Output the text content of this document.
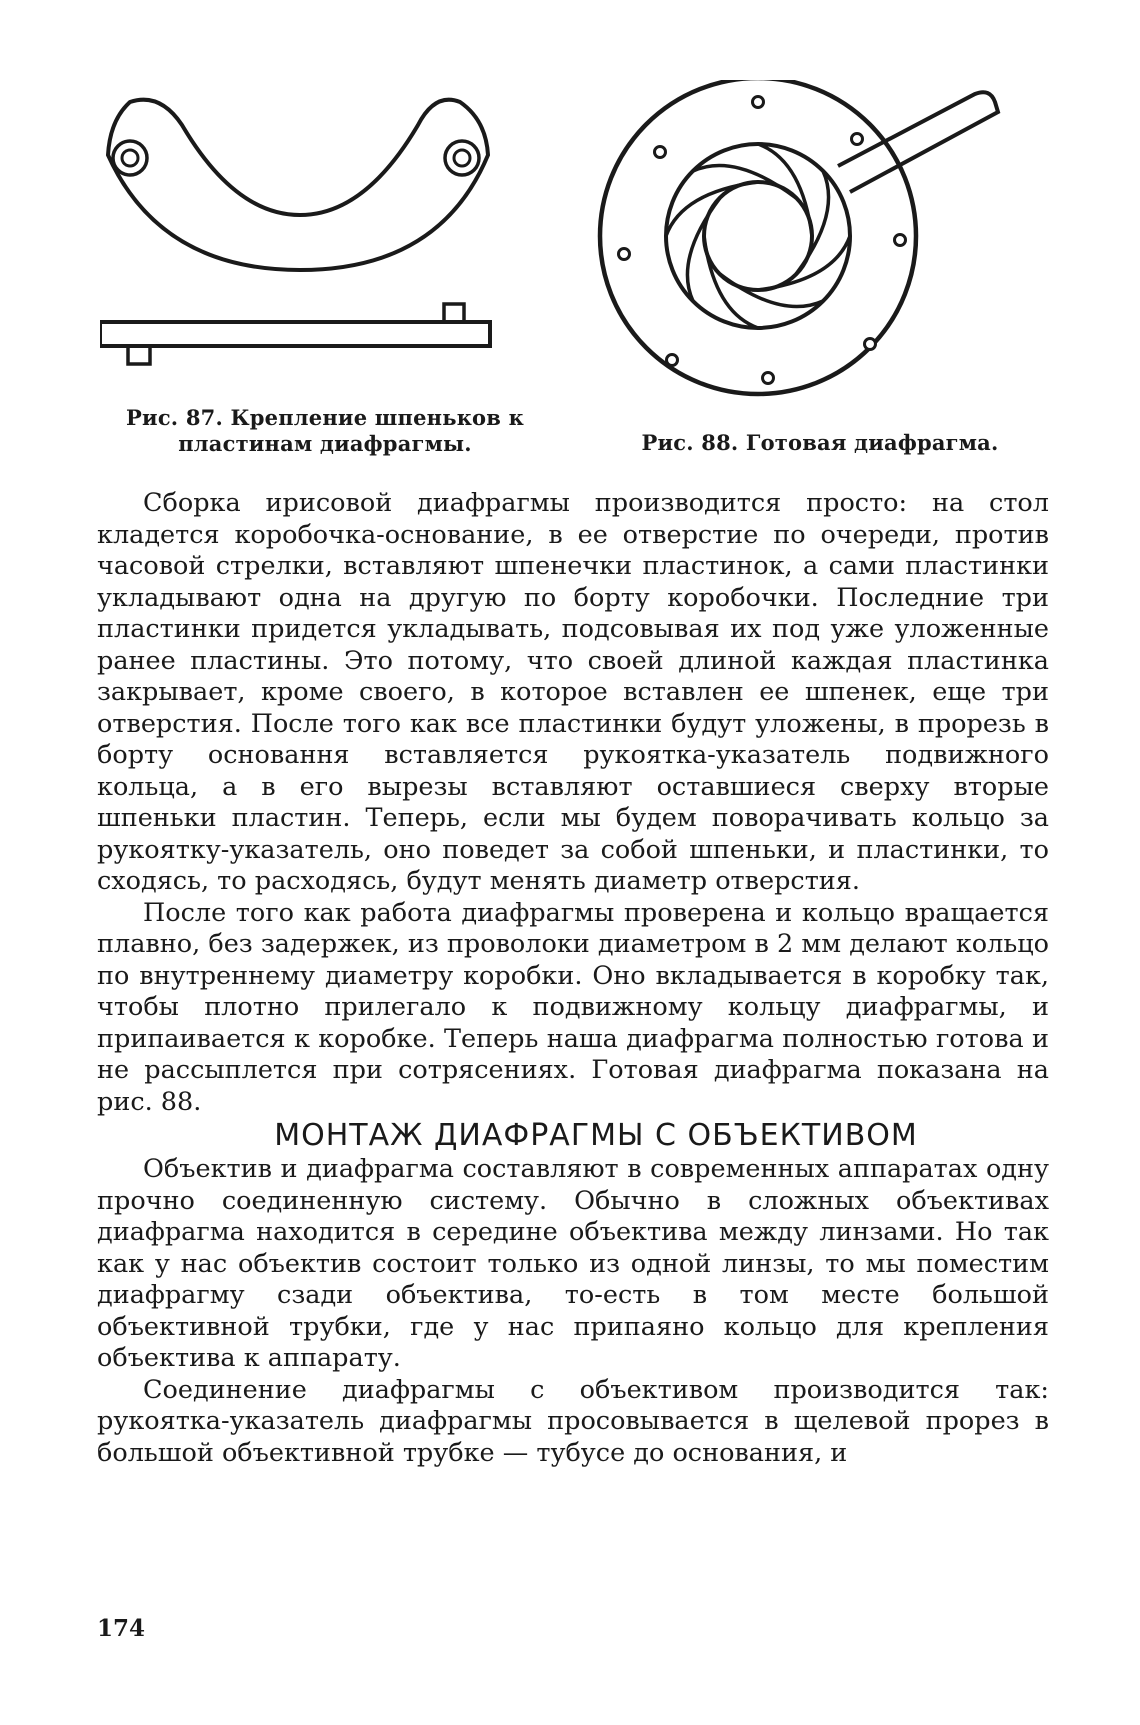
Рис. 87. Крепление шпеньков к пластинам диафрагмы.	Рис. 88. Готовая диафрагма.

Сборка ирисовой диафрагмы производится просто: на стол кладется коробочка-основание, в ее отверстие по очереди, против часовой стрелки, вставляют шпенечки пластинок, а сами пластинки укладывают одна на другую по борту коробочки. Последние три пластинки придется укладывать, подсовывая их под уже уложенные ранее пластины. Это потому, что своей длиной каждая пластинка закрывает, кроме своего, в которое вставлен ее шпенек, еще три отверстия. После того как все пластинки будут уложены, в прорезь в борту основання вставляется рукоятка-указатель подвижного кольца, а в его вырезы вставляют оставшиеся сверху вторые шпеньки пластин. Теперь, если мы будем поворачивать кольцо за рукоятку-указатель, оно поведет за собой шпеньки, и пластинки, то сходясь, то расходясь, будут менять диаметр отверстия.

После того как работа диафрагмы проверена и кольцо вращается плавно, без задержек, из проволоки диаметром в 2 мм делают кольцо по внутреннему диаметру коробки. Оно вкладывается в коробку так, чтобы плотно прилегало к подвижному кольцу диафрагмы, и припаивается к коробке. Теперь наша диафрагма полностью готова и не рассыплется при сотрясениях. Готовая диафрагма показана на рис. 88.

МОНТАЖ ДИАФРАГМЫ С ОБЪЕКТИВОМ

Объектив и диафрагма составляют в современных аппаратах одну прочно соединенную систему. Обычно в сложных объективах диафрагма находится в середине объектива между линзами. Но так как у нас объектив состоит только из одной линзы, то мы поместим диафрагму сзади объектива, то-есть в том месте большой объективной трубки, где у нас припаяно кольцо для крепления объектива к аппарату.

Соединение диафрагмы с объективом производится так: рукоятка-указатель диафрагмы просовывается в щелевой прорез в большой объективной трубке — тубусе до основания, и

174
